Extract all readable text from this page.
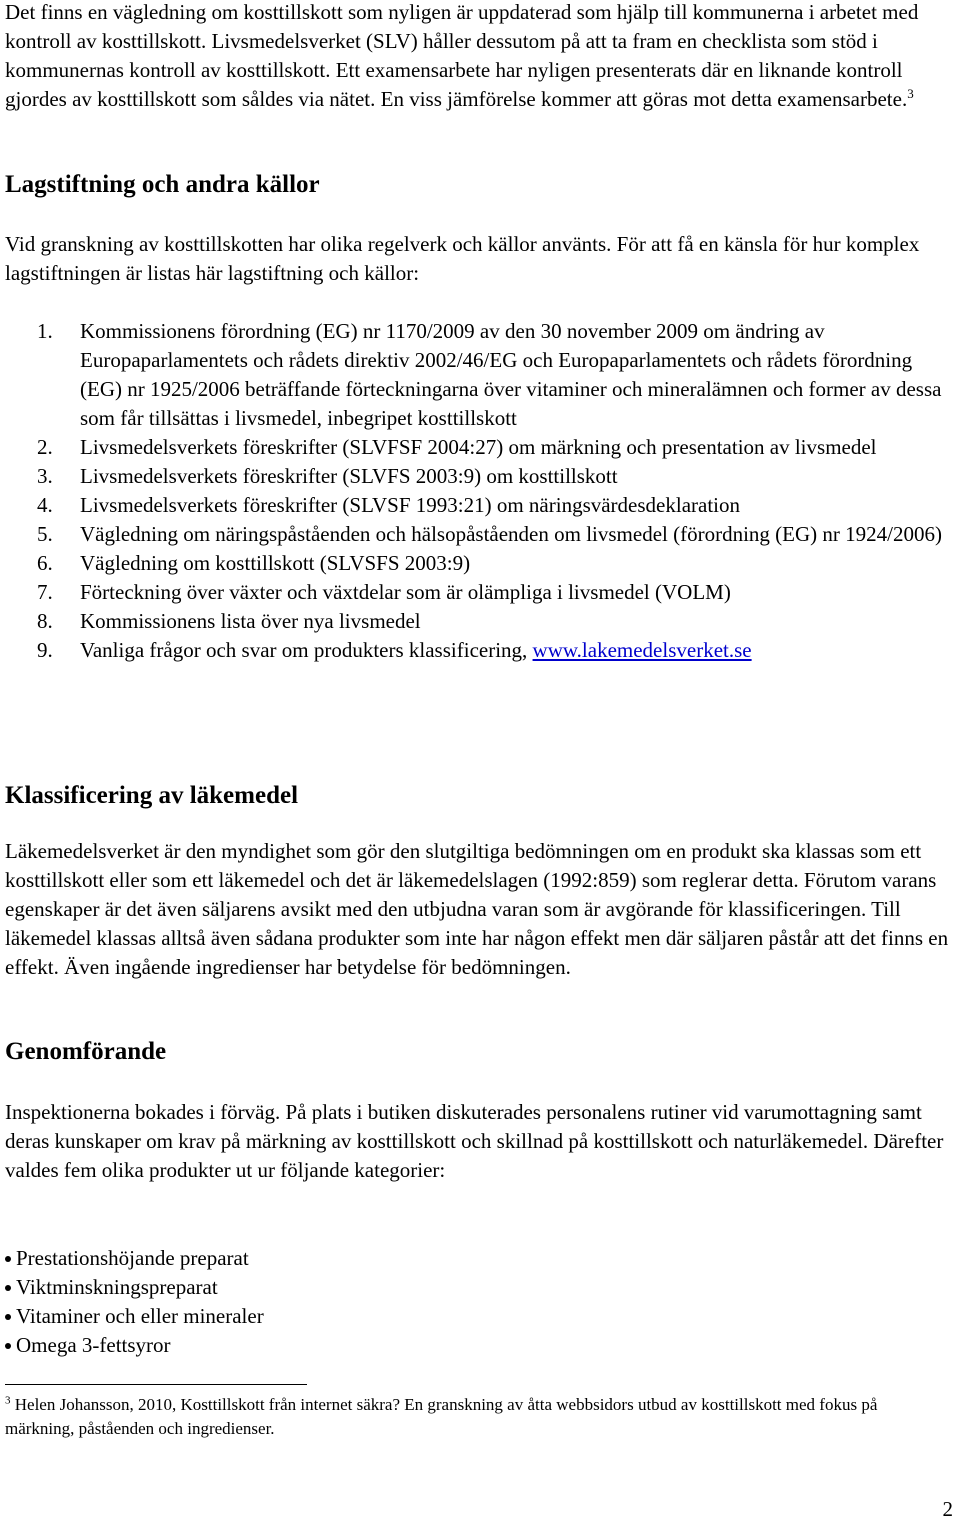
Det finns en vägledning om kosttillskott som nyligen är uppdaterad som hjälp till kommunerna i arbetet med kontroll av kosttillskott. Livsmedelsverket (SLV) håller dessutom på att ta fram en checklista som stöd i kommunernas kontroll av kosttillskott. Ett examensarbete har nyligen presenterats där en liknande kontroll gjordes av kosttillskott som såldes via nätet. En viss jämförelse kommer att göras mot detta examensarbete.$^3$

Lagstiftning och andra källor

Vid granskning av kosttillskotten har olika regelverk och källor använts. För att få en känsla för hur komplex lagstiftningen är listas här lagstiftning och källor:

1. Kommissionens förordning (EG) nr 1170/2009 av den 30 november 2009 om ändring av Europaparlamentets och rådets direktiv 2002/46/EG och Europaparlamentets och rådets förordning (EG) nr 1925/2006 beträffande förteckningarna över vitaminer och mineralämnen och former av dessa som får tillsättas i livsmedel, inbegripet kosttillskott
2. Livsmedelsverkets föreskrifter (SLVFSF 2004:27) om märkning och presentation av livsmedel
3. Livsmedelsverkets föreskrifter (SLVFS 2003:9) om kosttillskott
4. Livsmedelsverkets föreskrifter (SLVSF 1993:21) om näringsvärdesdeklaration
5. Vägledning om näringspåståenden och hälsopåståenden om livsmedel (förordning (EG) nr 1924/2006)
6. Vägledning om kosttillskott (SLVSFS 2003:9)
7. Förteckning över växter och växtdelar som är olämpliga i livsmedel (VOLM)
8. Kommissionens lista över nya livsmedel
9. Vanliga frågor och svar om produkters klassificering, www.lakemedelsverket.se
Klassificering av läkemedel

Läkemedelsverket är den myndighet som gör den slutgiltiga bedömningen om en produkt ska klassas som ett kosttillskott eller som ett läkemedel och det är läkemedelslagen (1992:859) som reglerar detta. Förutom varans egenskaper är det även säljarens avsikt med den utbjudna varan som är avgörande för klassificeringen. Till läkemedel klassas alltså även sådana produkter som inte har någon effekt men där säljaren påstår att det finns en effekt. Även ingående ingredienser har betydelse för bedömningen.

Genomförande

Inspektionerna bokades i förväg. På plats i butiken diskuterades personalens rutiner vid varumottagning samt deras kunskaper om krav på märkning av kosttillskott och skillnad på kosttillskott och naturläkemedel. Därefter valdes fem olika produkter ut ur följande kategorier:

Prestationshöjande preparat
Viktminskningspreparat
Vitaminer och eller mineraler
Omega 3-fettsyror

$^3$ Helen Johansson, 2010, Kosttillskott från internet säkra? En granskning av åtta webbsidors utbud av kosttillskott med fokus på märkning, påståenden och ingredienser.

2
